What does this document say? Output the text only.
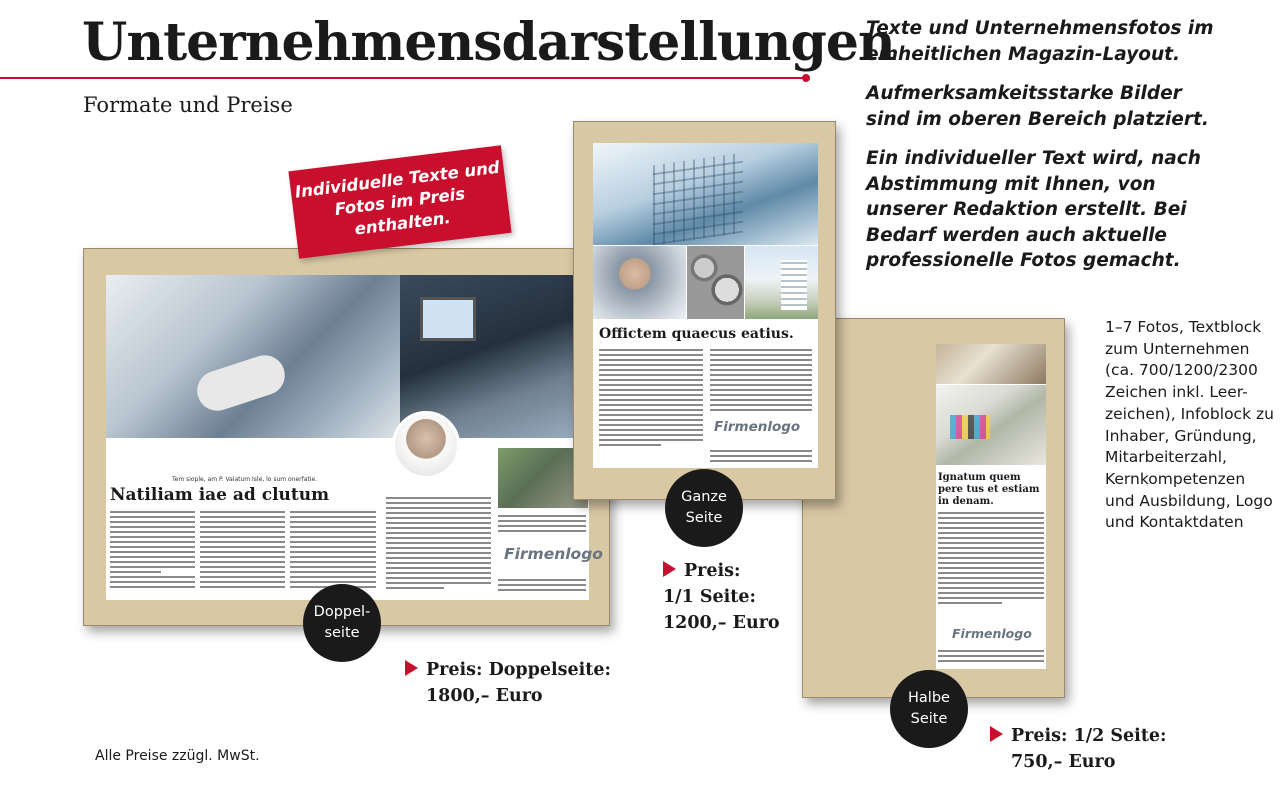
Unternehmensdarstellungen
Formate und Preise

Texte und Unternehmensfotos im einheitlichen Magazin-Layout.

Aufmerksamkeitsstarke Bilder sind im oberen Bereich platziert.

Ein individueller Text wird, nach Abstimmung mit Ihnen, von unserer Redaktion erstellt. Bei Bedarf werden auch aktuelle professionelle Fotos gemacht.

1–7 Fotos, Textblock zum Unternehmen (ca. 700/1200/2300 Zeichen inkl. Leer-zeichen), Infoblock zu Inhaber, Gründung, Mitarbeiterzahl, Kernkompetenzen und Ausbildung, Logo und Kontaktdaten
Individuelle Texte und Fotos im Preis enthalten.
Tem siople, am P. Valatum Isle, lo sum onerfatie.
Natiliam iae ad clutum
Firmenlogo
Offictem quaecus eatius.
Firmenlogo
Ignatum quem pere tus et estiam in denam.
Firmenlogo
Doppel-seite
Ganze Seite
Halbe Seite
Preis: Doppelseite:
1800,– Euro
Preis:
1/1 Seite:
1200,– Euro
Preis: 1/2 Seite:
750,– Euro
Alle Preise zzügl. MwSt.
